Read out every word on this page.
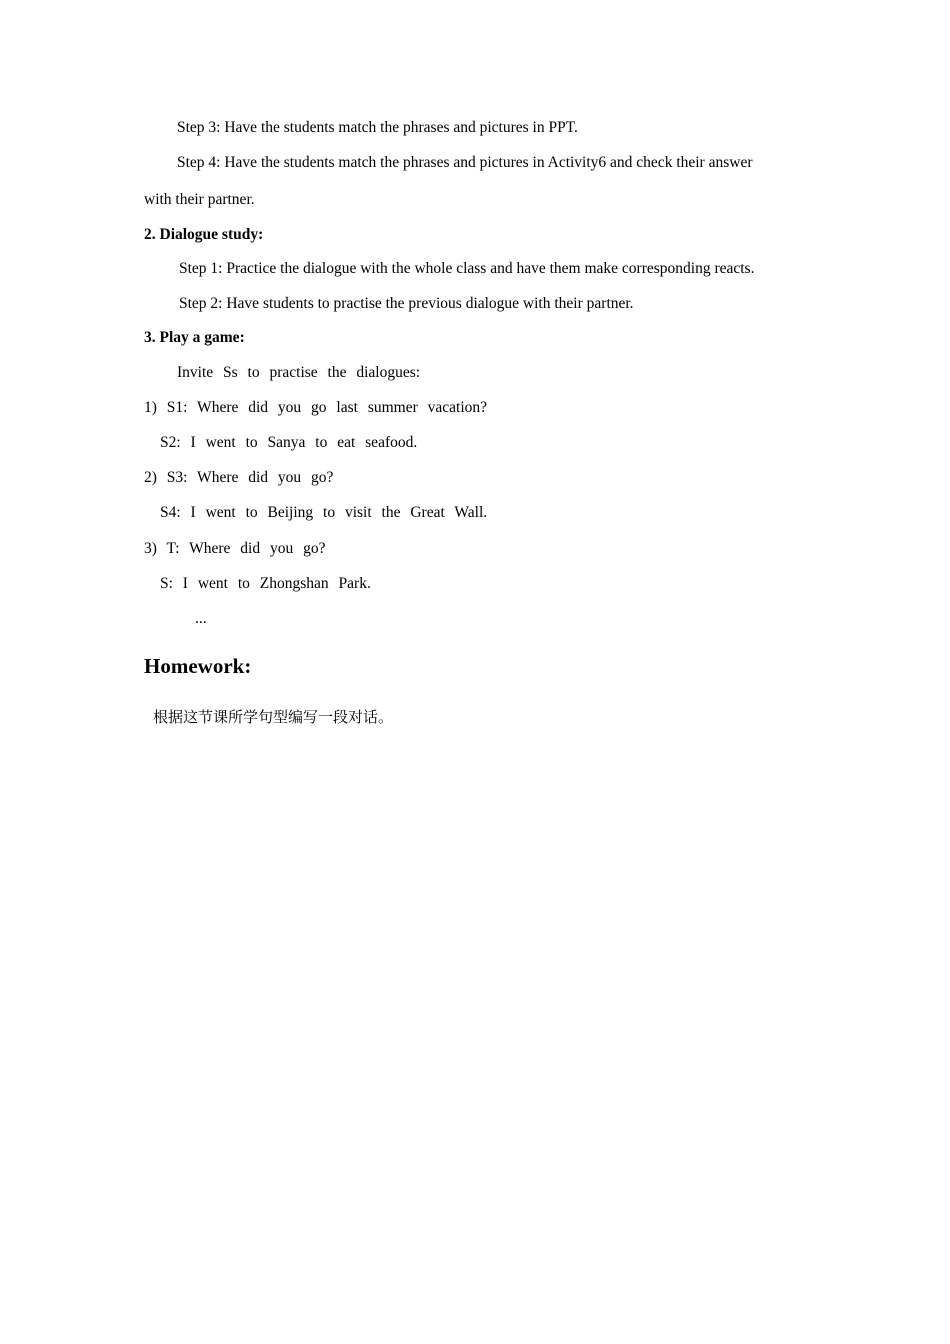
Step 3: Have the students match the phrases and pictures in PPT.
Step 4: Have the students match the phrases and pictures in Activity6 and check their answer
with their partner.
2. Dialogue study:
Step 1: Practice the dialogue with the whole class and have them make corresponding reacts.
Step 2: Have students to practise the previous dialogue with their partner.
3. Play a game:
Invite Ss to practise the dialogues:
1) S1: Where did you go last summer vacation?
S2: I went to Sanya to eat seafood.
2) S3: Where did you go?
S4: I went to Beijing to visit the Great Wall.
3) T: Where did you go?
S: I went to Zhongshan Park.
...
Homework:
根据这节课所学句型编写一段对话。
